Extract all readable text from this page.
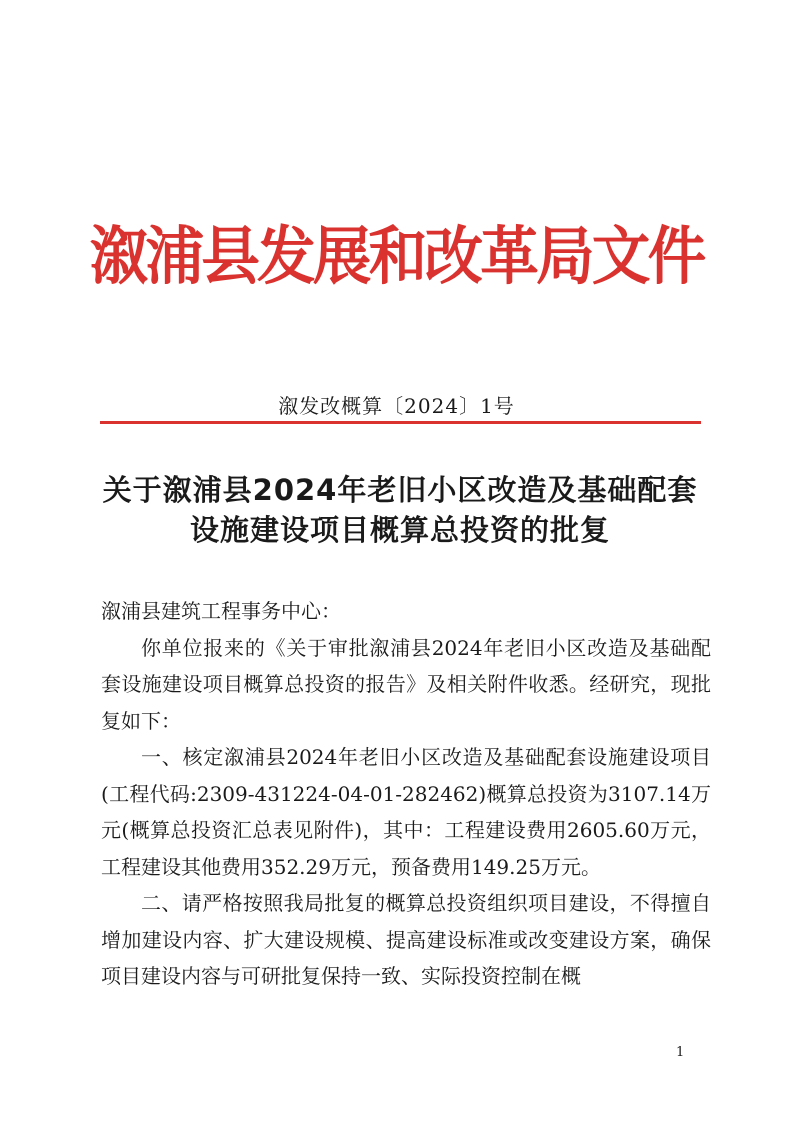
溆浦县发展和改革局文件
溆发改概算〔2024〕1号
关于溆浦县2024年老旧小区改造及基础配套
设施建设项目概算总投资的批复

溆浦县建筑工程事务中心：

你单位报来的《关于审批溆浦县2024年老旧小区改造及基础配套设施建设项目概算总投资的报告》及相关附件收悉。经研究，现批复如下：

一、核定溆浦县2024年老旧小区改造及基础配套设施建设项目(工程代码:2309-431224-04-01-282462)概算总投资为3107.14万元(概算总投资汇总表见附件)，其中：工程建设费用2605.60万元，工程建设其他费用352.29万元，预备费用149.25万元。

二、请严格按照我局批复的概算总投资组织项目建设，不得擅自增加建设内容、扩大建设规模、提高建设标准或改变建设方案，确保项目建设内容与可研批复保持一致、实际投资控制在概

1
